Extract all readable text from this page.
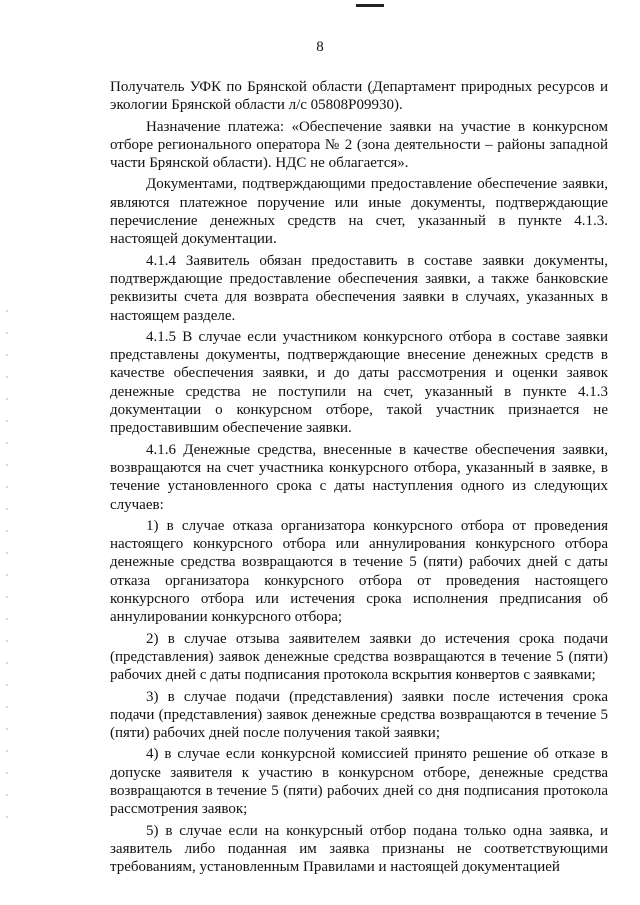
8

Получатель УФК по Брянской области (Департамент природных ресурсов и экологии Брянской области л/с 05808Р09930).

Назначение платежа: «Обеспечение заявки на участие в конкурсном отборе регионального оператора № 2 (зона деятельности – районы западной части Брянской области). НДС не облагается».

Документами, подтверждающими предоставление обеспечение заявки, являются платежное поручение или иные документы, подтверждающие перечисление денежных средств на счет, указанный в пункте 4.1.3. настоящей документации.

4.1.4 Заявитель обязан предоставить в составе заявки документы, подтверждающие предоставление обеспечения заявки, а также банковские реквизиты счета для возврата обеспечения заявки в случаях, указанных в настоящем разделе.

4.1.5 В случае если участником конкурсного отбора в составе заявки представлены документы, подтверждающие внесение денежных средств в качестве обеспечения заявки, и до даты рассмотрения и оценки заявок денежные средства не поступили на счет, указанный в пункте 4.1.3 документации о конкурсном отборе, такой участник признается не предоставившим обеспечение заявки.

4.1.6 Денежные средства, внесенные в качестве обеспечения заявки, возвращаются на счет участника конкурсного отбора, указанный в заявке, в течение установленного срока с даты наступления одного из следующих случаев:

1) в случае отказа организатора конкурсного отбора от проведения настоящего конкурсного отбора или аннулирования конкурсного отбора денежные средства возвращаются в течение 5 (пяти) рабочих дней с даты отказа организатора конкурсного отбора от проведения настоящего конкурсного отбора или истечения срока исполнения предписания об аннулировании конкурсного отбора;

2) в случае отзыва заявителем заявки до истечения срока подачи (представления) заявок денежные средства возвращаются в течение 5 (пяти) рабочих дней с даты подписания протокола вскрытия конвертов с заявками;

3) в случае подачи (представления) заявки после истечения срока подачи (представления) заявок денежные средства возвращаются в течение 5 (пяти) рабочих дней после получения такой заявки;

4) в случае если конкурсной комиссией принято решение об отказе в допуске заявителя к участию в конкурсном отборе, денежные средства возвращаются в течение 5 (пяти) рабочих дней со дня подписания протокола рассмотрения заявок;

5) в случае если на конкурсный отбор подана только одна заявка, и заявитель либо поданная им заявка признаны не соответствующими требованиям, установленным Правилами и настоящей документацией
